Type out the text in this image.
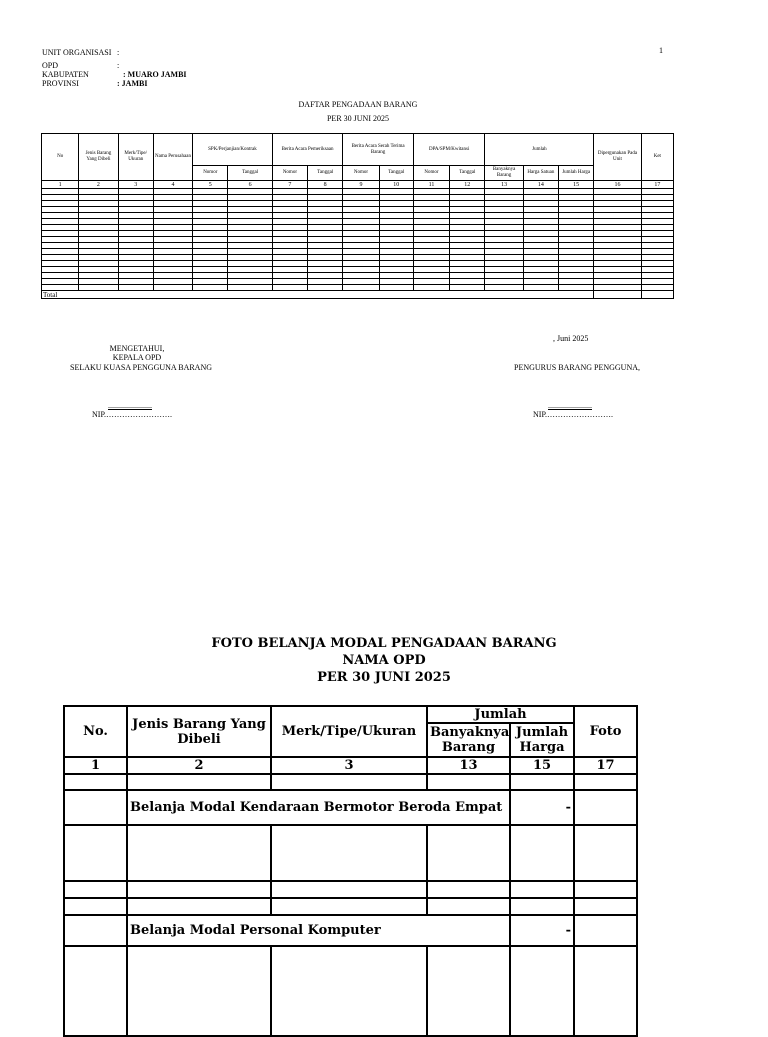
1
UNIT ORGANISASI :
OPD	:
KABUPATEN	: MUARO JAMBI
PROVINSI	: JAMBI
DAFTAR PENGADAAN BARANG
PER 30 JUNI 2025
No	Jenis Barang Yang Dibeli	Merk/Tipe/ Ukuran	Nama Perusahaan	SPK/Perjanjian/Kontrak		Berita Acara Pemeriksaan		Berita Acara Serah Terima Barang		DPA/SPM/Kwitansi		Jumlah			Dipergunakan Pada Unit	Ket
				Nomor	Tanggal	Nomor	Tanggal	Nomor	Tanggal	Nomor	Tanggal	Banyaknya Barang	Harga Satuan	Jumlah Harga		
1	2	3	4	5	6	7	8	9	10	11	12	13	14	15	16	17

Total																
, Juni 2025
MENGETAHUI,
KEPALA OPD
SELAKU KUASA PENGGUNA BARANG	PENGURUS BARANG PENGGUNA,
......................
NIP.…………………….
......................
NIP.…………………….
FOTO BELANJA MODAL PENGADAAN BARANG
NAMA OPD
PER 30 JUNI 2025
No.	Jenis Barang Yang Dibeli	Merk/Tipe/Ukuran	Jumlah		Foto
			Banyaknya Barang	Jumlah Harga	
1	2	3	13	15	17

	Belanja Modal Kendaraan Bermotor Beroda Empat			-	

	Belanja Modal Personal Komputer			-	
